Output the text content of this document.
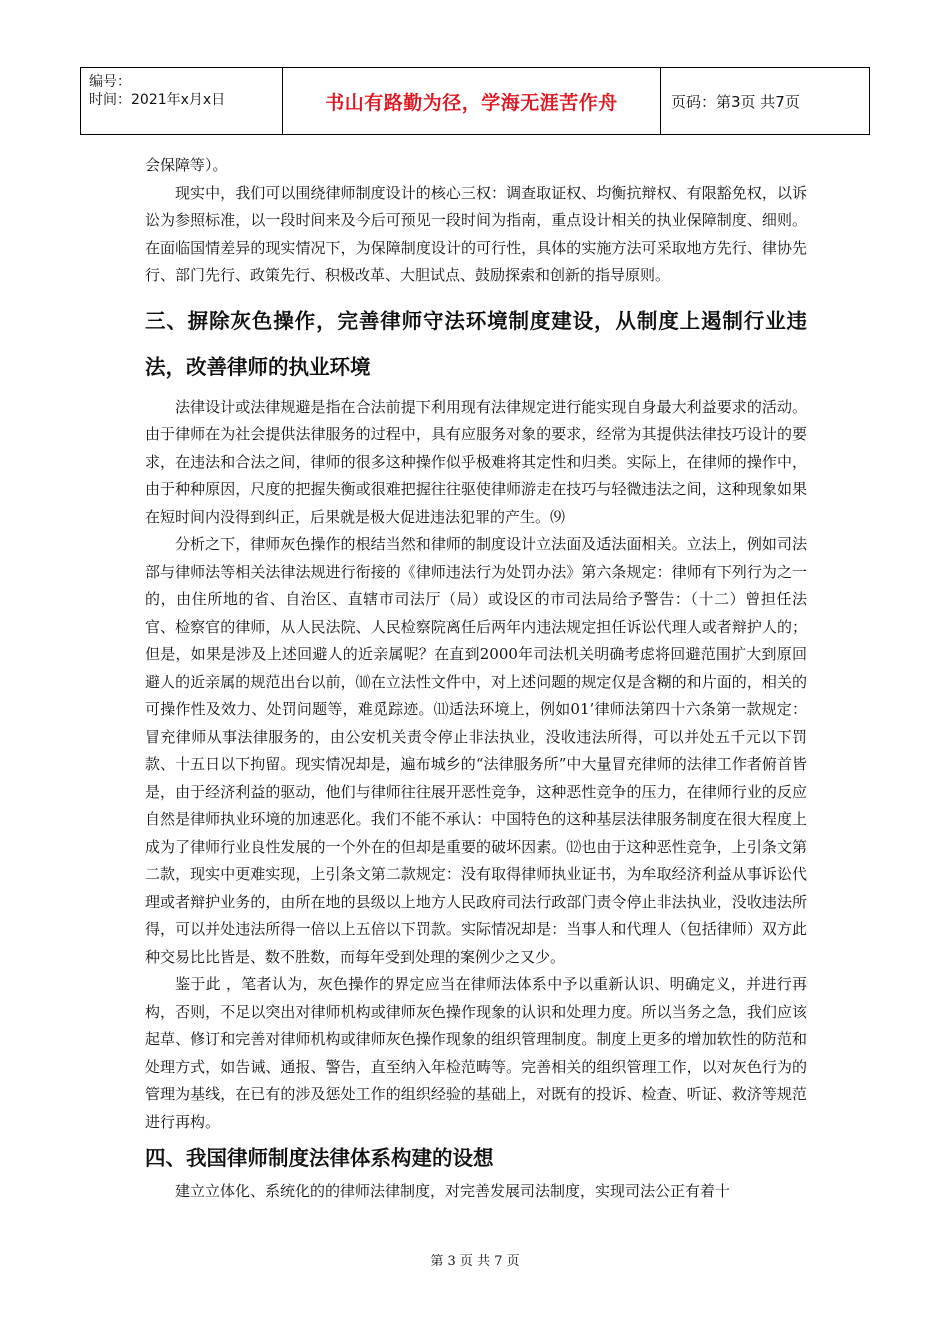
编号：
时间：2021年x月x日	书山有路勤为径，学海无涯苦作舟	页码：第3页 共7页

会保障等）。

现实中，我们可以围绕律师制度设计的核心三权：调查取证权、均衡抗辩权、有限豁免权，以诉讼为参照标准，以一段时间来及今后可预见一段时间为指南，重点设计相关的执业保障制度、细则。在面临国情差异的现实情况下，为保障制度设计的可行性，具体的实施方法可采取地方先行、律协先行、部门先行、政策先行、积极改革、大胆试点、鼓励探索和创新的指导原则。

三、摒除灰色操作，完善律师守法环境制度建设，从制度上遏制行业违法，改善律师的执业环境

法律设计或法律规避是指在合法前提下利用现有法律规定进行能实现自身最大利益要求的活动。由于律师在为社会提供法律服务的过程中，具有应服务对象的要求，经常为其提供法律技巧设计的要求，在违法和合法之间，律师的很多这种操作似乎极难将其定性和归类。实际上，在律师的操作中，由于种种原因，尺度的把握失衡或很难把握往往驱使律师游走在技巧与轻微违法之间，这种现象如果在短时间内没得到纠正，后果就是极大促进违法犯罪的产生。⑼

分析之下，律师灰色操作的根结当然和律师的制度设计立法面及适法面相关。立法上，例如司法部与律师法等相关法律法规进行衔接的《律师违法行为处罚办法》第六条规定：律师有下列行为之一的，由住所地的省、自治区、直辖市司法厅（局）或设区的市司法局给予警告：（十二）曾担任法官、检察官的律师，从人民法院、人民检察院离任后两年内违法规定担任诉讼代理人或者辩护人的；但是，如果是涉及上述回避人的近亲属呢？在直到2000年司法机关明确考虑将回避范围扩大到原回避人的近亲属的规范出台以前，⑽在立法性文件中，对上述问题的规定仅是含糊的和片面的，相关的可操作性及效力、处罚问题等，难觅踪迹。⑾适法环境上，例如01’律师法第四十六条第一款规定：冒充律师从事法律服务的，由公安机关责令停止非法执业，没收违法所得，可以并处五千元以下罚款、十五日以下拘留。现实情况却是，遍布城乡的“法律服务所”中大量冒充律师的法律工作者俯首皆是，由于经济利益的驱动，他们与律师往往展开恶性竞争，这种恶性竞争的压力，在律师行业的反应自然是律师执业环境的加速恶化。我们不能不承认：中国特色的这种基层法律服务制度在很大程度上成为了律师行业良性发展的一个外在的但却是重要的破坏因素。⑿也由于这种恶性竞争，上引条文第二款，现实中更难实现，上引条文第二款规定：没有取得律师执业证书，为牟取经济利益从事诉讼代理或者辩护业务的，由所在地的县级以上地方人民政府司法行政部门责令停止非法执业，没收违法所得，可以并处违法所得一倍以上五倍以下罚款。实际情况却是：当事人和代理人（包括律师）双方此种交易比比皆是、数不胜数，而每年受到处理的案例少之又少。

鉴于此 ，笔者认为，灰色操作的界定应当在律师法体系中予以重新认识、明确定义，并进行再构，否则，不足以突出对律师机构或律师灰色操作现象的认识和处理力度。所以当务之急，我们应该起草、修订和完善对律师机构或律师灰色操作现象的组织管理制度。制度上更多的增加软性的防范和处理方式，如告诫、通报、警告，直至纳入年检范畴等。完善相关的组织管理工作，以对灰色行为的管理为基线，在已有的涉及惩处工作的组织经验的基础上，对既有的投诉、检查、听证、救济等规范进行再构。

四、我国律师制度法律体系构建的设想

建立立体化、系统化的的律师法律制度，对完善发展司法制度，实现司法公正有着十

第 3 页 共 7 页
